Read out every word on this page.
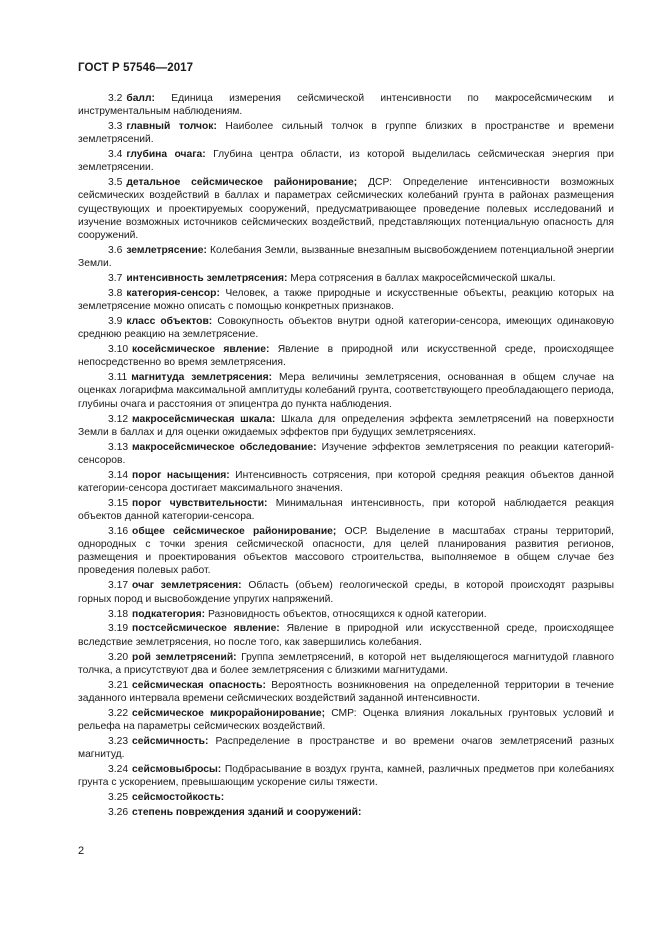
ГОСТ Р 57546—2017

3.2 балл: Единица измерения сейсмической интенсивности по макросейсмическим и инструментальным наблюдениям.

3.3 главный толчок: Наиболее сильный толчок в группе близких в пространстве и времени землетрясений.

3.4 глубина очага: Глубина центра области, из которой выделилась сейсмическая энергия при землетрясении.

3.5 детальное сейсмическое районирование; ДСР: Определение интенсивности возможных сейсмических воздействий в баллах и параметрах сейсмических колебаний грунта в районах размещения существующих и проектируемых сооружений, предусматривающее проведение полевых исследований и изучение возможных источников сейсмических воздействий, представляющих потенциальную опасность для сооружений.

3.6 землетрясение: Колебания Земли, вызванные внезапным высвобождением потенциальной энергии Земли.

3.7 интенсивность землетрясения: Мера сотрясения в баллах макросейсмической шкалы.

3.8 категория-сенсор: Человек, а также природные и искусственные объекты, реакцию которых на землетрясение можно описать с помощью конкретных признаков.

3.9 класс объектов: Совокупность объектов внутри одной категории-сенсора, имеющих одинаковую среднюю реакцию на землетрясение.

3.10 косейсмическое явление: Явление в природной или искусственной среде, происходящее непосредственно во время землетрясения.

3.11 магнитуда землетрясения: Мера величины землетрясения, основанная в общем случае на оценках логарифма максимальной амплитуды колебаний грунта, соответствующего преобладающего периода, глубины очага и расстояния от эпицентра до пункта наблюдения.

3.12 макросейсмическая шкала: Шкала для определения эффекта землетрясений на поверхности Земли в баллах и для оценки ожидаемых эффектов при будущих землетрясениях.

3.13 макросейсмическое обследование: Изучение эффектов землетрясения по реакции категорий-сенсоров.

3.14 порог насыщения: Интенсивность сотрясения, при которой средняя реакция объектов данной категории-сенсора достигает максимального значения.

3.15 порог чувствительности: Минимальная интенсивность, при которой наблюдается реакция объектов данной категории-сенсора.

3.16 общее сейсмическое районирование; ОСР. Выделение в масштабах страны территорий, однородных с точки зрения сейсмической опасности, для целей планирования развития регионов, размещения и проектирования объектов массового строительства, выполняемое в общем случае без проведения полевых работ.

3.17 очаг землетрясения: Область (объем) геологической среды, в которой происходят разрывы горных пород и высвобождение упругих напряжений.

3.18 подкатегория: Разновидность объектов, относящихся к одной категории.

3.19 постсейсмическое явление: Явление в природной или искусственной среде, происходящее вследствие землетрясения, но после того, как завершились колебания.

3.20 рой землетрясений: Группа землетрясений, в которой нет выделяющегося магнитудой главного толчка, а присутствуют два и более землетрясения с близкими магнитудами.

3.21 сейсмическая опасность: Вероятность возникновения на определенной территории в течение заданного интервала времени сейсмических воздействий заданной интенсивности.

3.22 сейсмическое микрорайонирование; СМР: Оценка влияния локальных грунтовых условий и рельефа на параметры сейсмических воздействий.

3.23 сейсмичность: Распределение в пространстве и во времени очагов землетрясений разных магнитуд.

3.24 сейсмовыбросы: Подбрасывание в воздух грунта, камней, различных предметов при колебаниях грунта с ускорением, превышающим ускорение силы тяжести.

3.25 сейсмостойкость:

3.26 степень повреждения зданий и сооружений:

2
